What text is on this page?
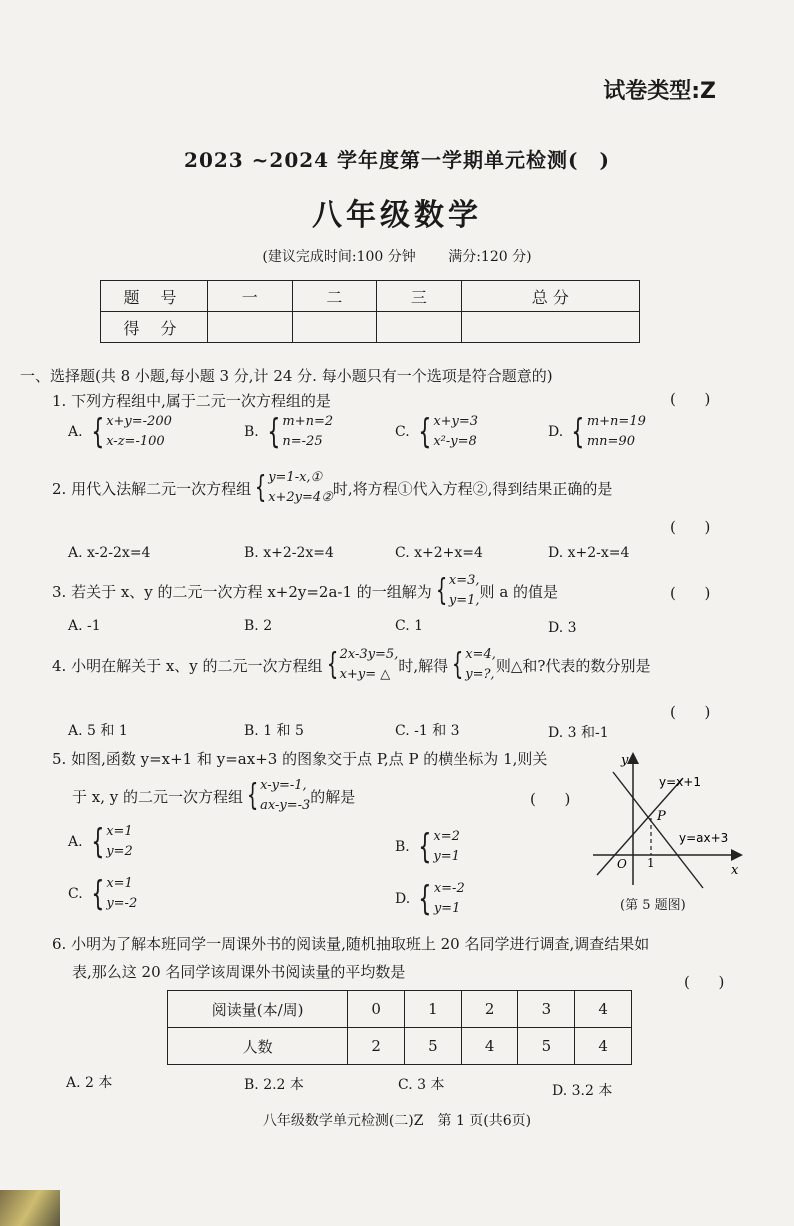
试卷类型:Z
2023 ~2024 学年度第一学期单元检测(　)
八年级数学
(建议完成时间:100 分钟 满分:120 分)
题 号	一	二	三	总 分
得 分				
一、选择题(共 8 小题,每小题 3 分,计 24 分. 每小题只有一个选项是符合题意的)
1. 下列方程组中,属于二元一次方程组的是
(      )
A. { x+y=-200
x-z=-100
B. { m+n=2
n=-25
C. { x+y=3
x²-y=8
D. { m+n=19
mn=90
2. 用代入法解二元一次方程组 { y=1-x,①
x+2y=4② 时,将方程①代入方程②,得到结果正确的是
(      )
A. x-2-2x=4	B. x+2-2x=4	C. x+2+x=4	D. x+2-x=4
3. 若关于 x、y 的二元一次方程 x+2y=2a-1 的一组解为 { x=3,
y=1, 则 a 的值是
(      )
A. -1	B. 2	C. 1	D. 3
4. 小明在解关于 x、y 的二元一次方程组 { 2x-3y=5,
x+y= △ 时,解得 { x=4,
y=?, 则△和?代表的数分别是
(      )
A. 5 和 1	B. 1 和 5	C. -1 和 3	D. 3 和-1
5. 如图,函数 y=x+1 和 y=ax+3 的图象交于点 P,点 P 的横坐标为 1,则关
于 x, y 的二元一次方程组 { x-y=-1,
ax-y=-3 的解是
(      )
A. { x=1
y=2	B. { x=2
y=1
C. { x=1
y=-2	D. { x=-2
y=1
y
x
O 1
P
y=x+1
y=ax+3
(第 5 题图)
6. 小明为了解本班同学一周课外书的阅读量,随机抽取班上 20 名同学进行调查,调查结果如
表,那么这 20 名同学该周课外书阅读量的平均数是
(      )
阅读量(本/周)	0	1	2	3	4
人数	2	5	4	5	4
A. 2 本	B. 2.2 本	C. 3 本	D. 3.2 本
八年级数学单元检测(二)Z　第 1 页(共6页)
